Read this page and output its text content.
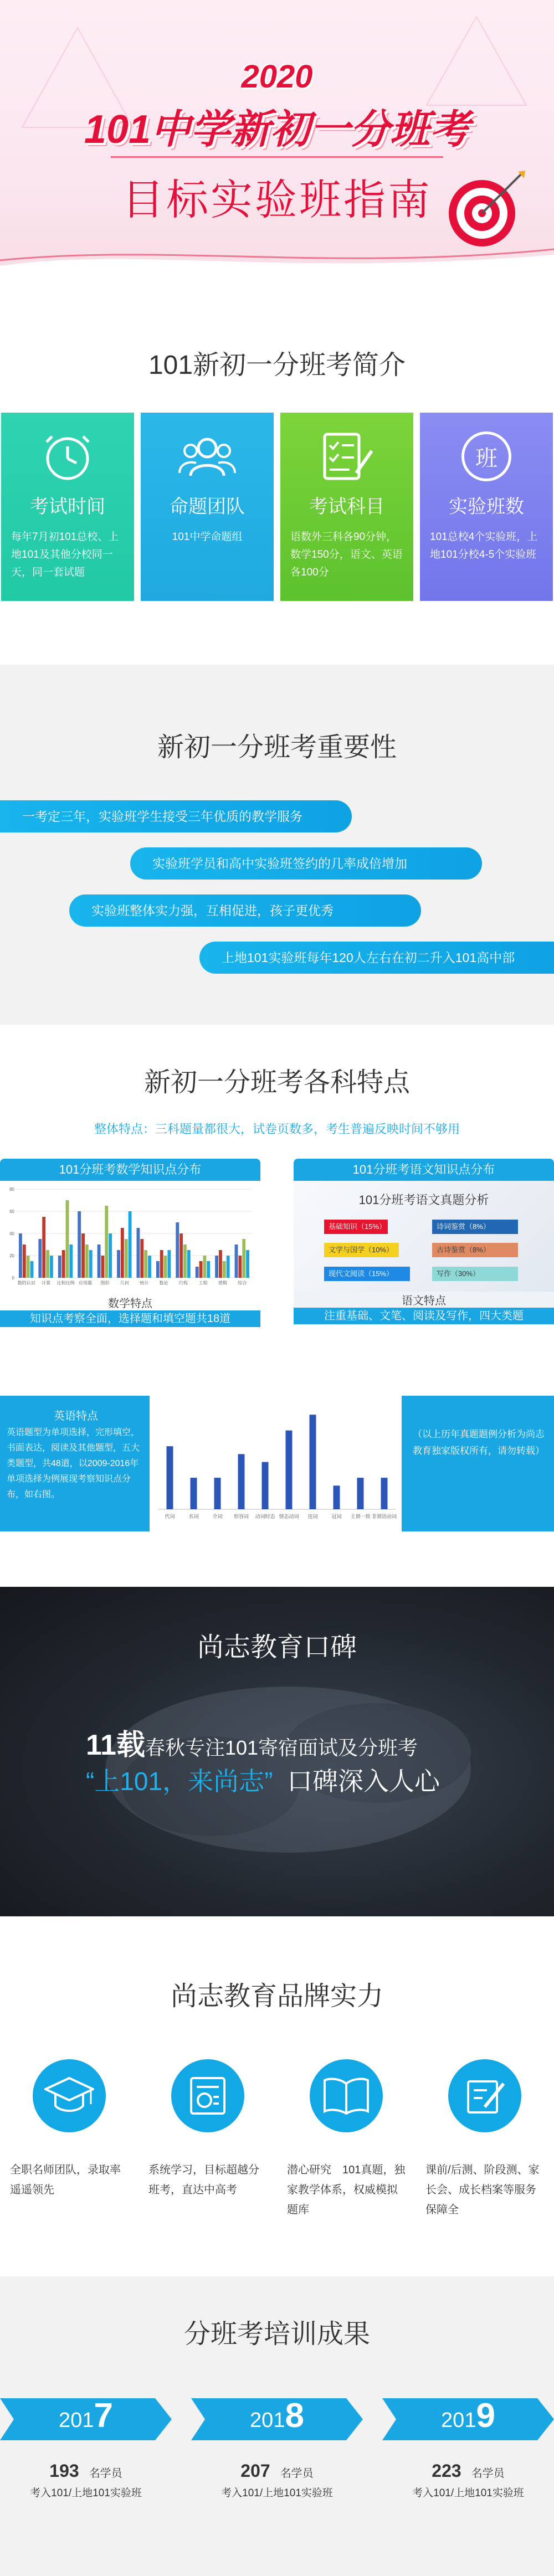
2020
101中学新初一分班考
目标实验班指南
101新初一分班考简介
考试时间
每年7月初101总校、上地101及其他分校同一天，同一套试题
命题团队
101中学命题组
考试科目
语数外三科各90分钟，数学150分，语文、英语各100分
班
实验班数
101总校4个实验班，上地101分校4-5个实验班
新初一分班考重要性
一考定三年，实验班学生接受三年优质的教学服务
实验班学员和高中实验班签约的几率成倍增加
实验班整体实力强，互相促进，孩子更优秀
上地101实验班每年120人左右在初二升入101高中部
新初一分班考各科特点
整体特点：三科题量都很大，试卷页数多，考生普遍反映时间不够用
101分班考数学知识点分布
0
20
40
60
80
数的认识 计算 比和比例 应用题 图形 几何 统计 数论 行程 工程 逻辑 综合
数学特点
知识点考察全面，选择题和填空题共18道
101分班考语文知识点分布
101分班考语文真题分析
基础知识（15%）	诗词鉴赏（8%）
文学与国学（10%）	古诗鉴赏（8%）
现代文阅读（15%）	写作（30%）
语文特点
注重基础、文笔、阅读及写作，四大类题
英语特点
英语题型为单项选择，完形填空，书面表达，阅读及其他题型，五大类题型，共48道，以2009-2016年单项选择为例展现考察知识点分布，如右图。
代词	名词	介词 形容词 动词时态 情态动词 连词	冠词 主谓一致 非谓语动词
（以上历年真题题例分析为尚志教育独家版权所有，请勿转载）
尚志教育口碑
11载春秋专注101寄宿面试及分班考
“上101，来尚志” 口碑深入人心
尚志教育品牌实力
全职名师团队，录取率遥遥领先
系统学习，目标超越分班考，直达中高考
潜心研究　101真题，独家教学体系，权威模拟题库
课前/后测、阶段测、家长会、成长档案等服务保障全
分班考培训成果
2017
193 名学员
考入101/上地101实验班
2018
207 名学员
考入101/上地101实验班
2019
223 名学员
考入101/上地101实验班
